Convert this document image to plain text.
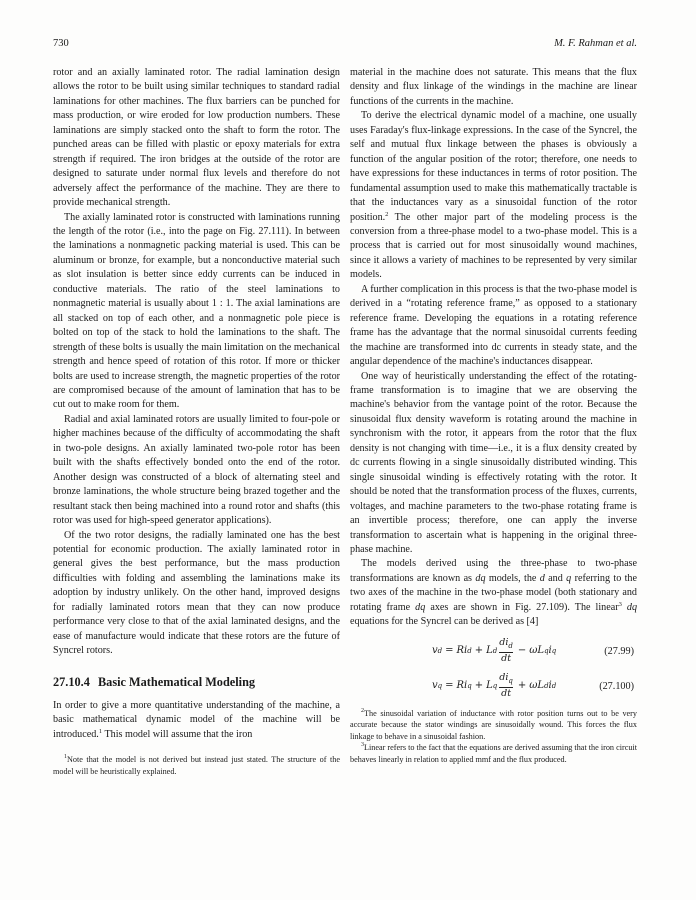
730	M. F. Rahman et al.

rotor and an axially laminated rotor. The radial lamination design allows the rotor to be built using similar techniques to standard radial laminations for other machines. The flux barriers can be punched for mass production, or wire eroded for low production numbers. These laminations are simply stacked onto the shaft to form the rotor. The punched areas can be filled with plastic or epoxy materials for extra strength if required. The iron bridges at the outside of the rotor are designed to saturate under normal flux levels and therefore do not adversely affect the performance of the machine. They are there to provide mechanical strength.

The axially laminated rotor is constructed with laminations running the length of the rotor (i.e., into the page on Fig. 27.111). In between the laminations a nonmagnetic packing material is used. This can be aluminum or bronze, for example, but a nonconductive material such as slot insulation is better since eddy currents can be induced in conductive materials. The ratio of the steel laminations to nonmagnetic material is usually about 1 : 1. The axial laminations are all stacked on top of each other, and a nonmagnetic pole piece is bolted on top of the stack to hold the laminations to the shaft. The strength of these bolts is usually the main limitation on the mechanical strength and hence speed of rotation of this rotor. If more or thicker bolts are used to increase strength, the magnetic properties of the rotor are compromised because of the amount of lamination that has to be cut out to make room for them.

Radial and axial laminated rotors are usually limited to four-pole or higher machines because of the difficulty of accommodating the shaft in two-pole designs. An axially laminated two-pole rotor has been built with the shafts effectively bonded onto the end of the rotor. Another design was constructed of a block of alternating steel and bronze laminations, the whole structure being brazed together and the resultant stack then being machined into a round rotor and shafts (this rotor was used for high-speed generator applications).

Of the two rotor designs, the radially laminated one has the best potential for economic production. The axially laminated rotor in general gives the best performance, but the mass production difficulties with folding and assembling the laminations make its adoption by industry unlikely. On the other hand, improved designs for radially laminated rotors mean that they can now produce performance very close to that of the axial laminated designs, and the ease of manufacture would indicate that these rotors are the future of Syncrel rotors.

27.10.4 Basic Mathematical Modeling

In order to give a more quantitative understanding of the machine, a basic mathematical dynamic model of the machine will be introduced.$^1$ This model will assume that the iron

$^1$Note that the model is not derived but instead just stated. The structure of the model will be heuristically explained.

material in the machine does not saturate. This means that the flux density and flux linkage of the windings in the machine are linear functions of the currents in the machine.

To derive the electrical dynamic model of a machine, one usually uses Faraday's flux-linkage expressions. In the case of the Syncrel, the self and mutual flux linkage between the phases is obviously a function of the angular position of the rotor; therefore, one needs to have expressions for these inductances in terms of rotor position. The fundamental assumption used to make this mathematically tractable is that the inductances vary as a sinusoidal function of the rotor position.$^2$ The other major part of the modeling process is the conversion from a three-phase model to a two-phase model. This is a process that is carried out for most sinusoidally wound machines, since it allows a variety of machines to be represented by very similar models.

A further complication in this process is that the two-phase model is derived in a “rotating reference frame,” as opposed to a stationary reference frame. Developing the equations in a rotating reference frame has the advantage that the normal sinusoidal currents feeding the machine are transformed into dc currents in steady state, and the angular dependence of the machine's inductances disappear.

One way of heuristically understanding the effect of the rotating-frame transformation is to imagine that we are observing the machine's behavior from the vantage point of the rotor. Because the sinusoidal flux density waveform is rotating around the machine in synchronism with the rotor, it appears from the rotor that the flux density is not changing with time—i.e., it is a flux density created by dc currents flowing in a single sinusoidally distributed winding. This single sinusoidal winding is effectively rotating with the rotor. It should be noted that the transformation process of the fluxes, currents, voltages, and machine parameters to the two-phase rotating frame is an invertible process; therefore, one can apply the inverse transformation to ascertain what is happening in the original three-phase machine.

The models derived using the three-phase to two-phase transformations are known as dq models, the d and q referring to the two axes of the machine in the two-phase model (both stationary and rotating frame dq axes are shown in Fig. 27.109). The linear$^3$ dq equations for the Syncrel can be derived as [4]

v d = Ri d + L d $\frac{di_d}{dt} - \omega L$ q i q	(27.99)
v q = Ri q + L q $\frac{di_q}{dt} + \omega L$ d i d	(27.100)

$^2$The sinusoidal variation of inductance with rotor position turns out to be very accurate because the stator windings are sinusoidally wound. This forces the flux linkage to behave in a sinusoidal fashion.

$^3$Linear refers to the fact that the equations are derived assuming that the iron circuit behaves linearly in relation to applied mmf and the flux produced.
